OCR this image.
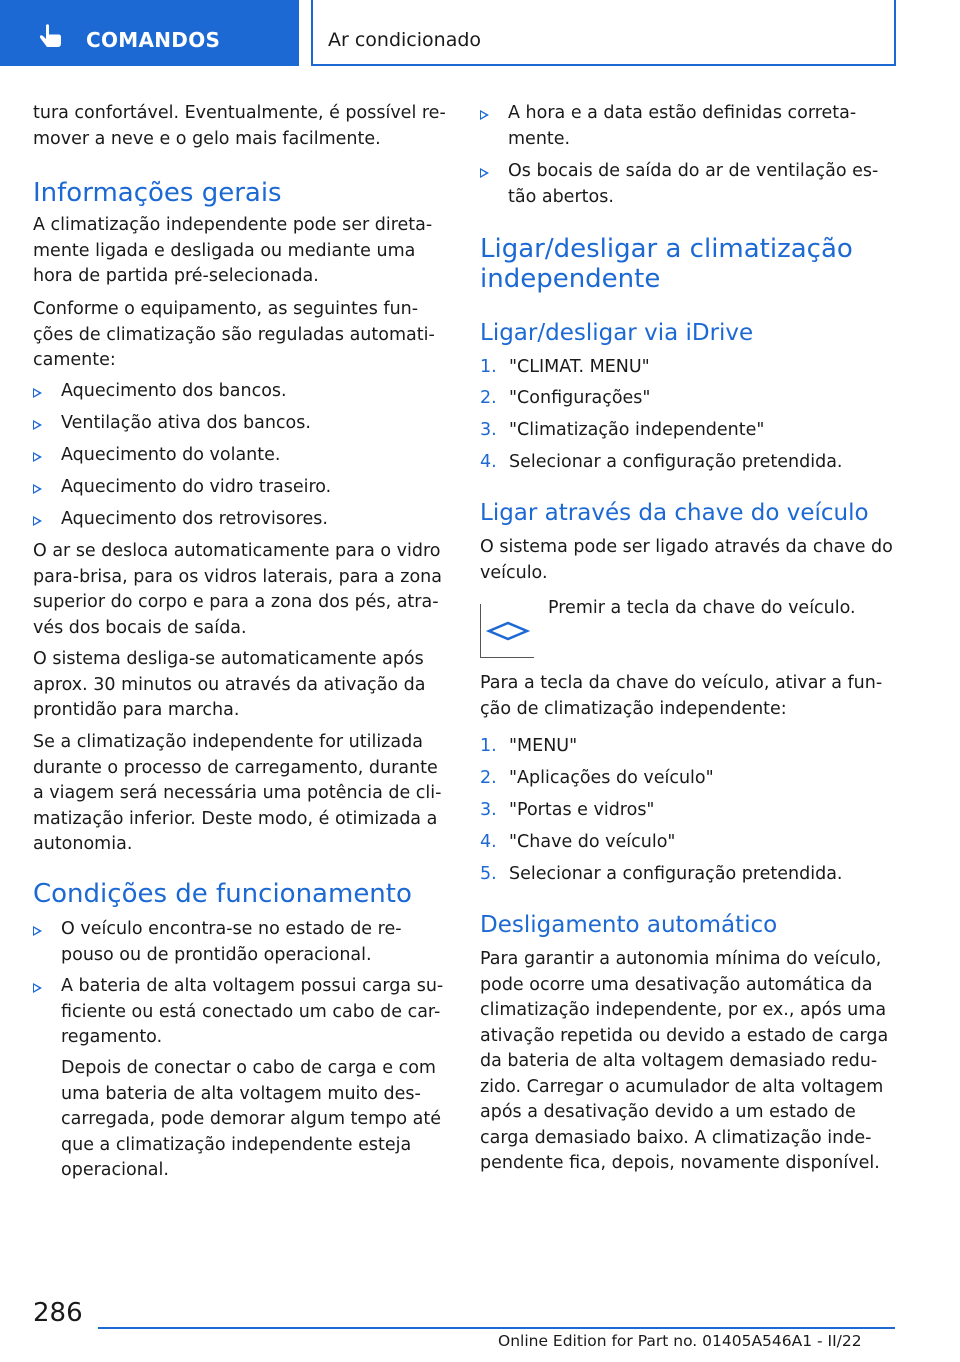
COMANDOS	Ar condicionado
tura confortável. Eventualmente, é possível re-
mover a neve e o gelo mais facilmente.
Informações gerais
A climatização independente pode ser direta-
mente ligada e desligada ou mediante uma
hora de partida pré-selecionada.
Conforme o equipamento, as seguintes fun-
ções de climatização são reguladas automati-
camente:
Aquecimento dos bancos.
Ventilação ativa dos bancos.
Aquecimento do volante.
Aquecimento do vidro traseiro.
Aquecimento dos retrovisores.
O ar se desloca automaticamente para o vidro
para-brisa, para os vidros laterais, para a zona
superior do corpo e para a zona dos pés, atra-
vés dos bocais de saída.
O sistema desliga-se automaticamente após
aprox. 30 minutos ou através da ativação da
prontidão para marcha.
Se a climatização independente for utilizada
durante o processo de carregamento, durante
a viagem será necessária uma potência de cli-
matização inferior. Deste modo, é otimizada a
autonomia.
Condições de funcionamento
O veículo encontra-se no estado de re-
pouso ou de prontidão operacional.
A bateria de alta voltagem possui carga su-
ficiente ou está conectado um cabo de car-
regamento.
Depois de conectar o cabo de carga e com
uma bateria de alta voltagem muito des-
carregada, pode demorar algum tempo até
que a climatização independente esteja
operacional.
A hora e a data estão definidas correta-
mente.
Os bocais de saída do ar de ventilação es-
tão abertos.
Ligar/desligar a climatização
independente
Ligar/desligar via iDrive
1. "CLIMAT. MENU"
2. "Configurações"
3. "Climatização independente"
4. Selecionar a configuração pretendida.
Ligar através da chave do veículo
O sistema pode ser ligado através da chave do
veículo.
Premir a tecla da chave do veículo.
Para a tecla da chave do veículo, ativar a fun-
ção de climatização independente:
1. "MENU"
2. "Aplicações do veículo"
3. "Portas e vidros"
4. "Chave do veículo"
5. Selecionar a configuração pretendida.
Desligamento automático
Para garantir a autonomia mínima do veículo,
pode ocorre uma desativação automática da
climatização independente, por ex., após uma
ativação repetida ou devido a estado de carga
da bateria de alta voltagem demasiado redu-
zido. Carregar o acumulador de alta voltagem
após a desativação devido a um estado de
carga demasiado baixo. A climatização inde-
pendente fica, depois, novamente disponível.
286
Online Edition for Part no. 01405A546A1 - II/22
